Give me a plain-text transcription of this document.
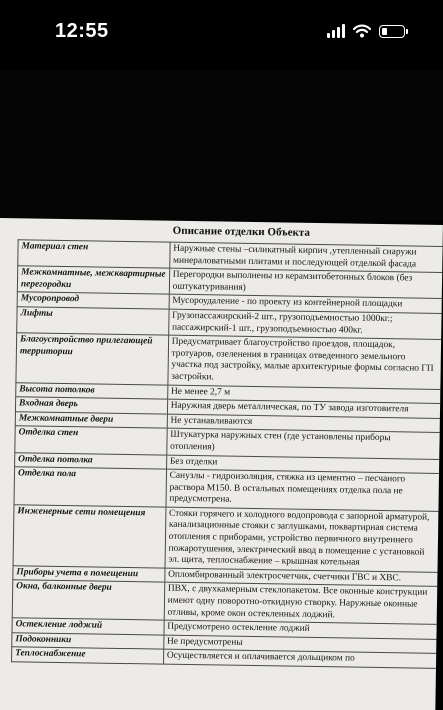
12:55
Описание отделки Объекта
Материал стен	Наружные стены –силикатный кирпич ,утепленный снаружи минераловатными плитами и последующей отделкой фасада
Межкомнатные, межквартирные перегородки	Перегородки выполнены из керамзитобетонных блоков (без оштукатуривания)
Мусоропровод	Мусороудаление - по проекту из контейнерной площадки
Лифты	Грузопассажирский-2 шт., грузоподъемностью 1000кг.; пассажирский-1 шт., грузоподъемностью 400кг.
Благоустройство прилегающей территории	Предусматривает благоустройство проездов, площадок, тротуаров, озеленения в границах отведенного земельного участка под застройку, малые архитектурные формы согласно ГП застройки.
Высота потолков	Не менее 2,7 м
Входная дверь	Наружная дверь металлическая, по ТУ завода изготовителя
Межкомнатные двери	Не устанавливаются
Отделка стен	Штукатурка наружных стен (где установлены приборы отопления)
Отделка потолка	Без отделки
Отделка пола	Санузлы - гидроизоляция, стяжка из цементно – песчаного раствора М150. В остальных помещениях отделка пола не предусмотрена.
Инженерные сети помещения	Стояки горячего и холодного водопровода с запорной арматурой, канализационные стояки с заглушками, поквартирная система отопления с приборами, устройство первичного внутреннего пожаротушения, электрический ввод в помещение с установкой эл. щита, теплоснабжение – крышная котельная
Приборы учета в помещении	Опломбированный электросчетчик, счетчики ГВС и ХВС.
Окна, балконные двери	ПВХ, с двухкамерным стеклопакетом. Все оконные конструкции имеют одну поворотно-откидную створку. Наружные оконные отливы, кроме окон остекленных лоджий.
Остекление лоджий	Предусмотрено остекление лоджий
Подоконники	Не предусмотрены
Теплоснабжение	Осуществляется и оплачивается дольщиком по
